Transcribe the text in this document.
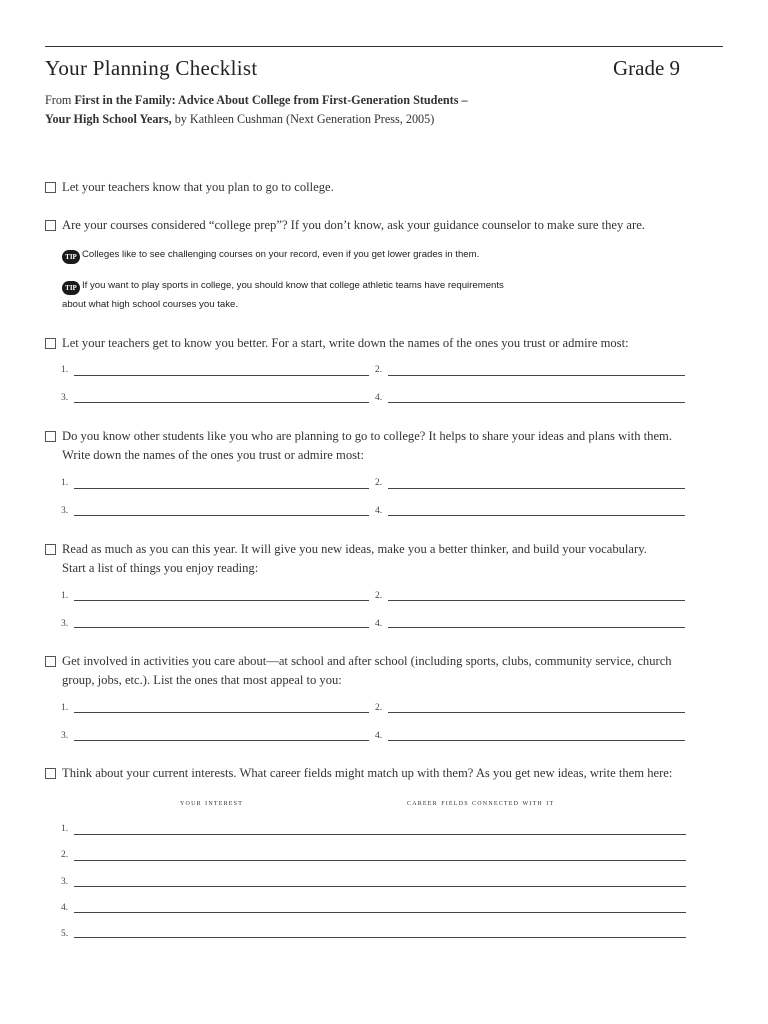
Your Planning Checklist	Grade 9
From First in the Family: Advice About College from First-Generation Students –
Your High School Years, by Kathleen Cushman (Next Generation Press, 2005)
Let your teachers know that you plan to go to college.
Are your courses considered “college prep”? If you don’t know, ask your guidance counselor to make sure they are.
TIP Colleges like to see challenging courses on your record, even if you get lower grades in them.
TIP If you want to play sports in college, you should know that college athletic teams have requirements
about what high school courses you take.
Let your teachers get to know you better. For a start, write down the names of the ones you trust or admire most:
1.	2.
3.	4.
Do you know other students like you who are planning to go to college? It helps to share your ideas and plans with them.
Write down the names of the ones you trust or admire most:
1.	2.
3.	4.
Read as much as you can this year. It will give you new ideas, make you a better thinker, and build your vocabulary.
Start a list of things you enjoy reading:
1.	2.
3.	4.
Get involved in activities you care about—at school and after school (including sports, clubs, community service, church
group, jobs, etc.). List the ones that most appeal to you:
1.	2.
3.	4.
Think about your current interests. What career fields might match up with them? As you get new ideas, write them here:
your interest	career fields connected with it
1.
2.
3.
4.
5.
